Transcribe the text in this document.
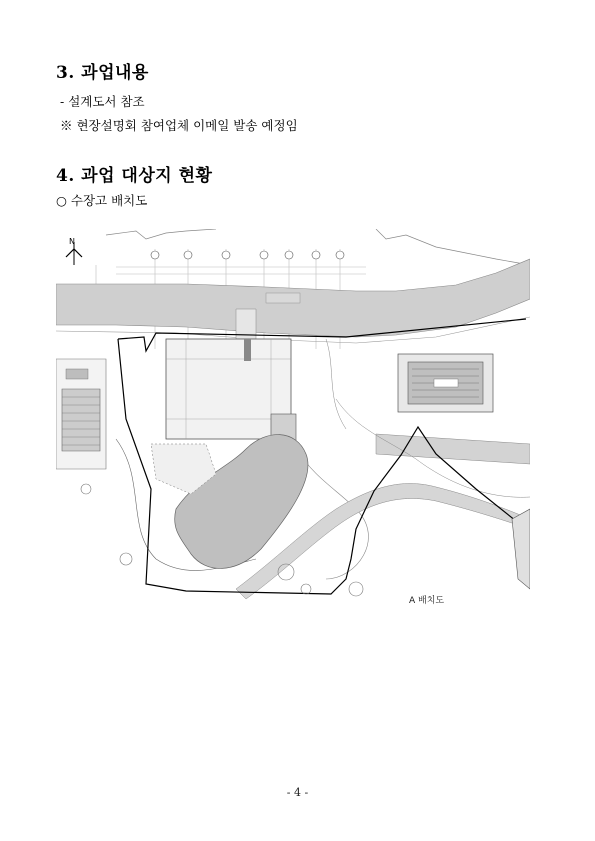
3. 과업내용
- 설계도서 참조
※ 현장설명회 참여업체 이메일 발송 예정임
4. 과업 대상지 현황
○ 수장고 배치도
N
A 배치도
- 4 -
